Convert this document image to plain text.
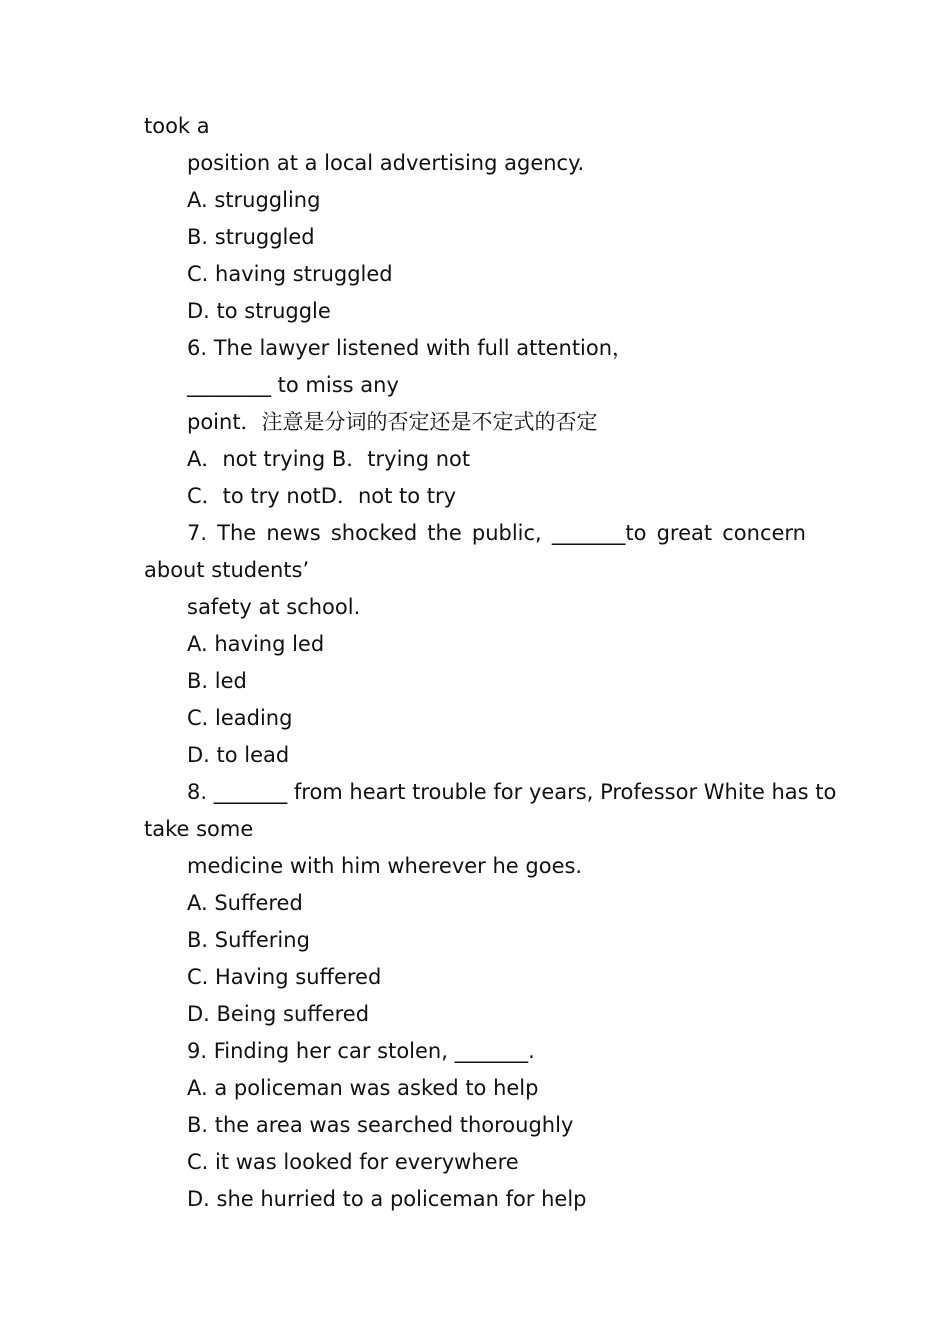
took a
position at a local advertising agency.
A. struggling
B. struggled
C. having struggled
D. to struggle
6. The lawyer listened with full attention，
________ to miss any
point．注意是分词的否定还是不定式的否定
A．not trying B．trying not
C．to try notD．not to try
7. The news shocked the public, _______to great concern
about students’
safety at school.
A. having led
B. led
C. leading
D. to lead
8. _______ from heart trouble for years, Professor White has to
take some
medicine with him wherever he goes.
A. Suffered
B. Suffering
C. Having suffered
D. Being suffered
9. Finding her car stolen, _______.
A. a policeman was asked to help
B. the area was searched thoroughly
C. it was looked for everywhere
D. she hurried to a policeman for help
